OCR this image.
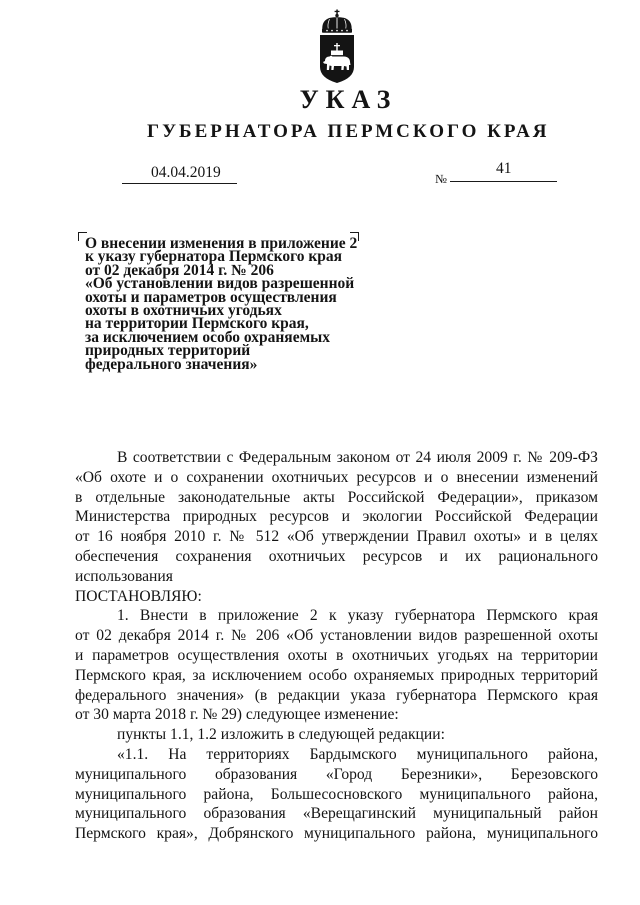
УКАЗ
ГУБЕРНАТОРА ПЕРМСКОГО КРАЯ
04.04.2019	№
41
О внесении изменения в приложение 2
к указу губернатора Пермского края
от 02 декабря 2014 г. № 206
«Об установлении видов разрешенной
охоты и параметров осуществления
охоты в охотничьих угодьях
на территории Пермского края,
за исключением особо охраняемых
природных территорий
федерального значения»
В соответствии с Федеральным законом от 24 июля 2009 г. № 209-ФЗ
«Об охоте и о сохранении охотничьих ресурсов и о внесении изменений
в отдельные законодательные акты Российской Федерации», приказом
Министерства природных ресурсов и экологии Российской Федерации
от 16 ноября 2010 г. № 512 «Об утверждении Правил охоты» и в целях
обеспечения сохранения охотничьих ресурсов и их рационального
использования
ПОСТАНОВЛЯЮ:
1. Внести в приложение 2 к указу губернатора Пермского края
от 02 декабря 2014 г. № 206 «Об установлении видов разрешенной охоты
и параметров осуществления охоты в охотничьих угодьях на территории
Пермского края, за исключением особо охраняемых природных территорий
федерального значения» (в редакции указа губернатора Пермского края
от 30 марта 2018 г. № 29) следующее изменение:
пункты 1.1, 1.2 изложить в следующей редакции:
«1.1. На территориях Бардымского муниципального района,
муниципального образования «Город Березники», Березовского
муниципального района, Большесосновского муниципального района,
муниципального образования «Верещагинский муниципальный район
Пермского края», Добрянского муниципального района, муниципального
